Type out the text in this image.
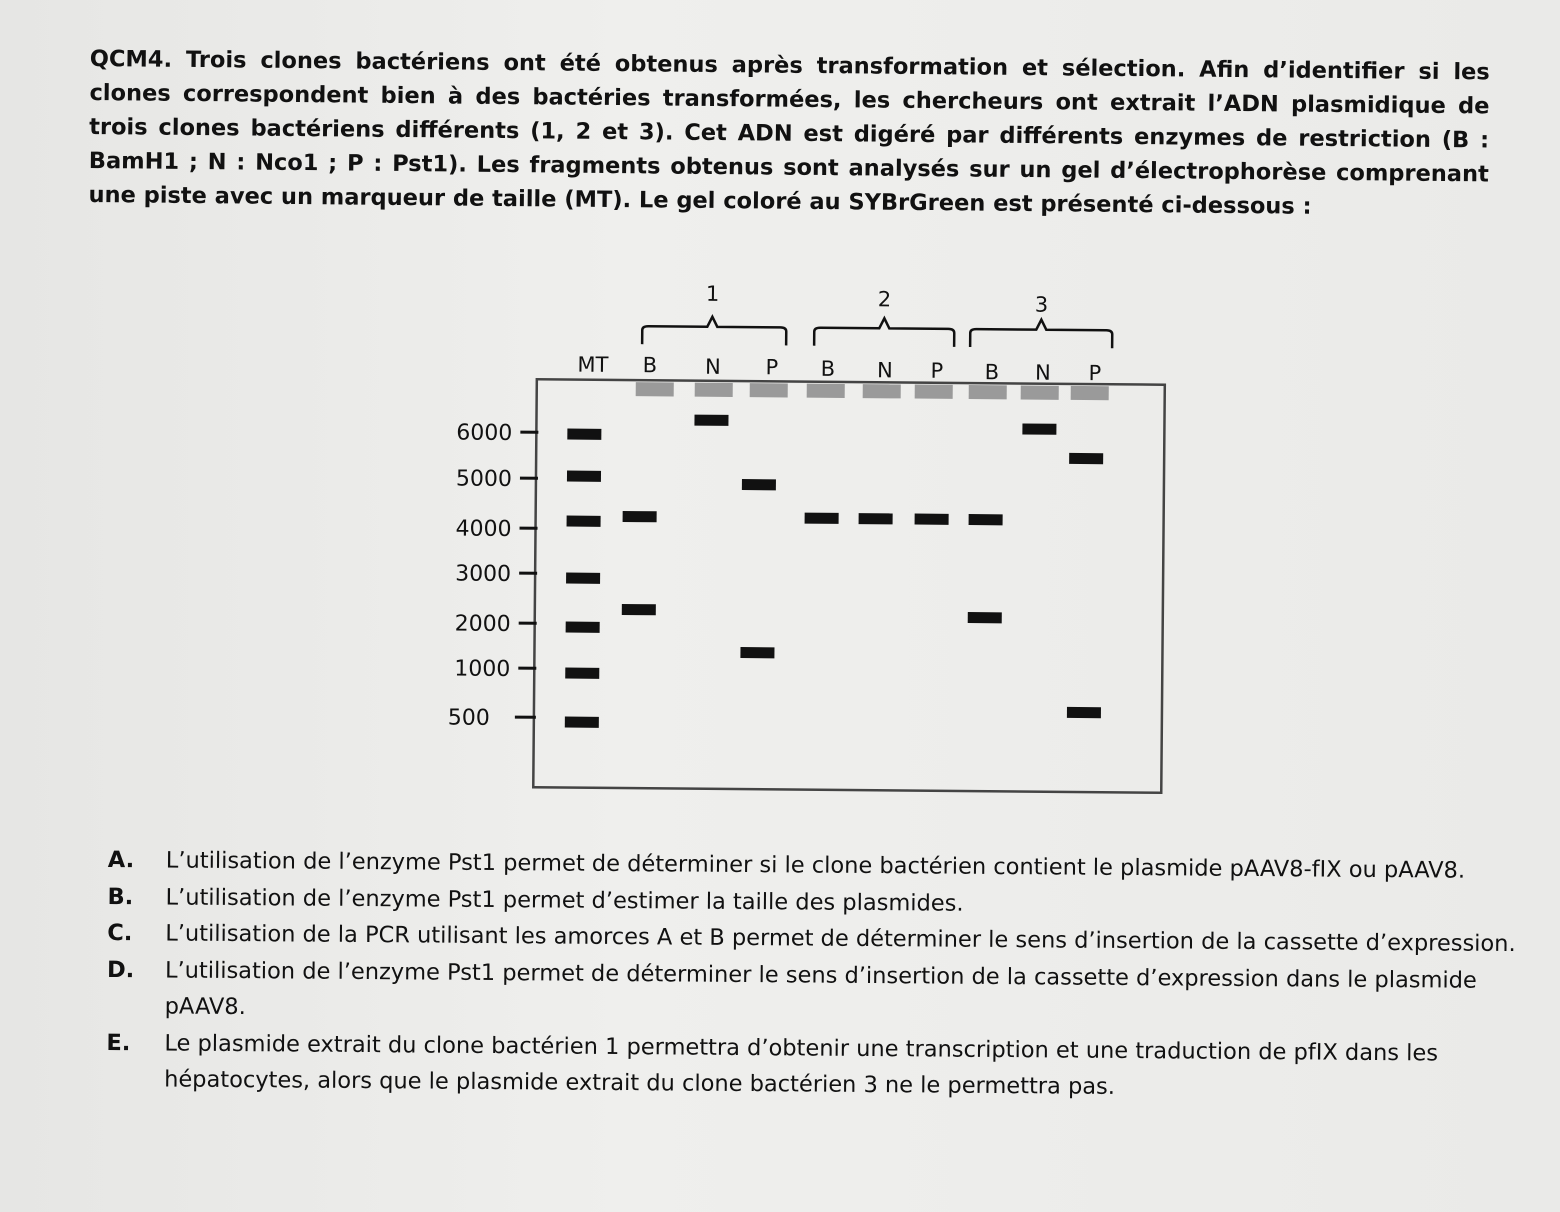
QCM4. Trois clones bactériens ont été obtenus après transformation et sélection. Afin d’identifier si les clones correspondent bien à des bactéries transformées, les chercheurs ont extrait l’ADN plasmidique de trois clones bactériens différents (1, 2 et 3). Cet ADN est digéré par différents enzymes de restriction (B : BamH1 ; N : Nco1 ; P : Pst1). Les fragments obtenus sont analysés sur un gel d’électrophorèse comprenant une piste avec un marqueur de taille (MT). Le gel coloré au SYBrGreen est présenté ci-dessous :
1	2	3
MT B N P B N P B N P
6000
5000
4000
3000
2000
1000
500
A.	L’utilisation de l’enzyme Pst1 permet de déterminer si le clone bactérien contient le plasmide pAAV8-fIX ou pAAV8.
B.	L’utilisation de l’enzyme Pst1 permet d’estimer la taille des plasmides.
C.	L’utilisation de la PCR utilisant les amorces A et B permet de déterminer le sens d’insertion de la cassette d’expression.
D.	L’utilisation de l’enzyme Pst1 permet de déterminer le sens d’insertion de la cassette d’expression dans le plasmide pAAV8.
E.	Le plasmide extrait du clone bactérien 1 permettra d’obtenir une transcription et une traduction de pfIX dans les hépatocytes, alors que le plasmide extrait du clone bactérien 3 ne le permettra pas.
